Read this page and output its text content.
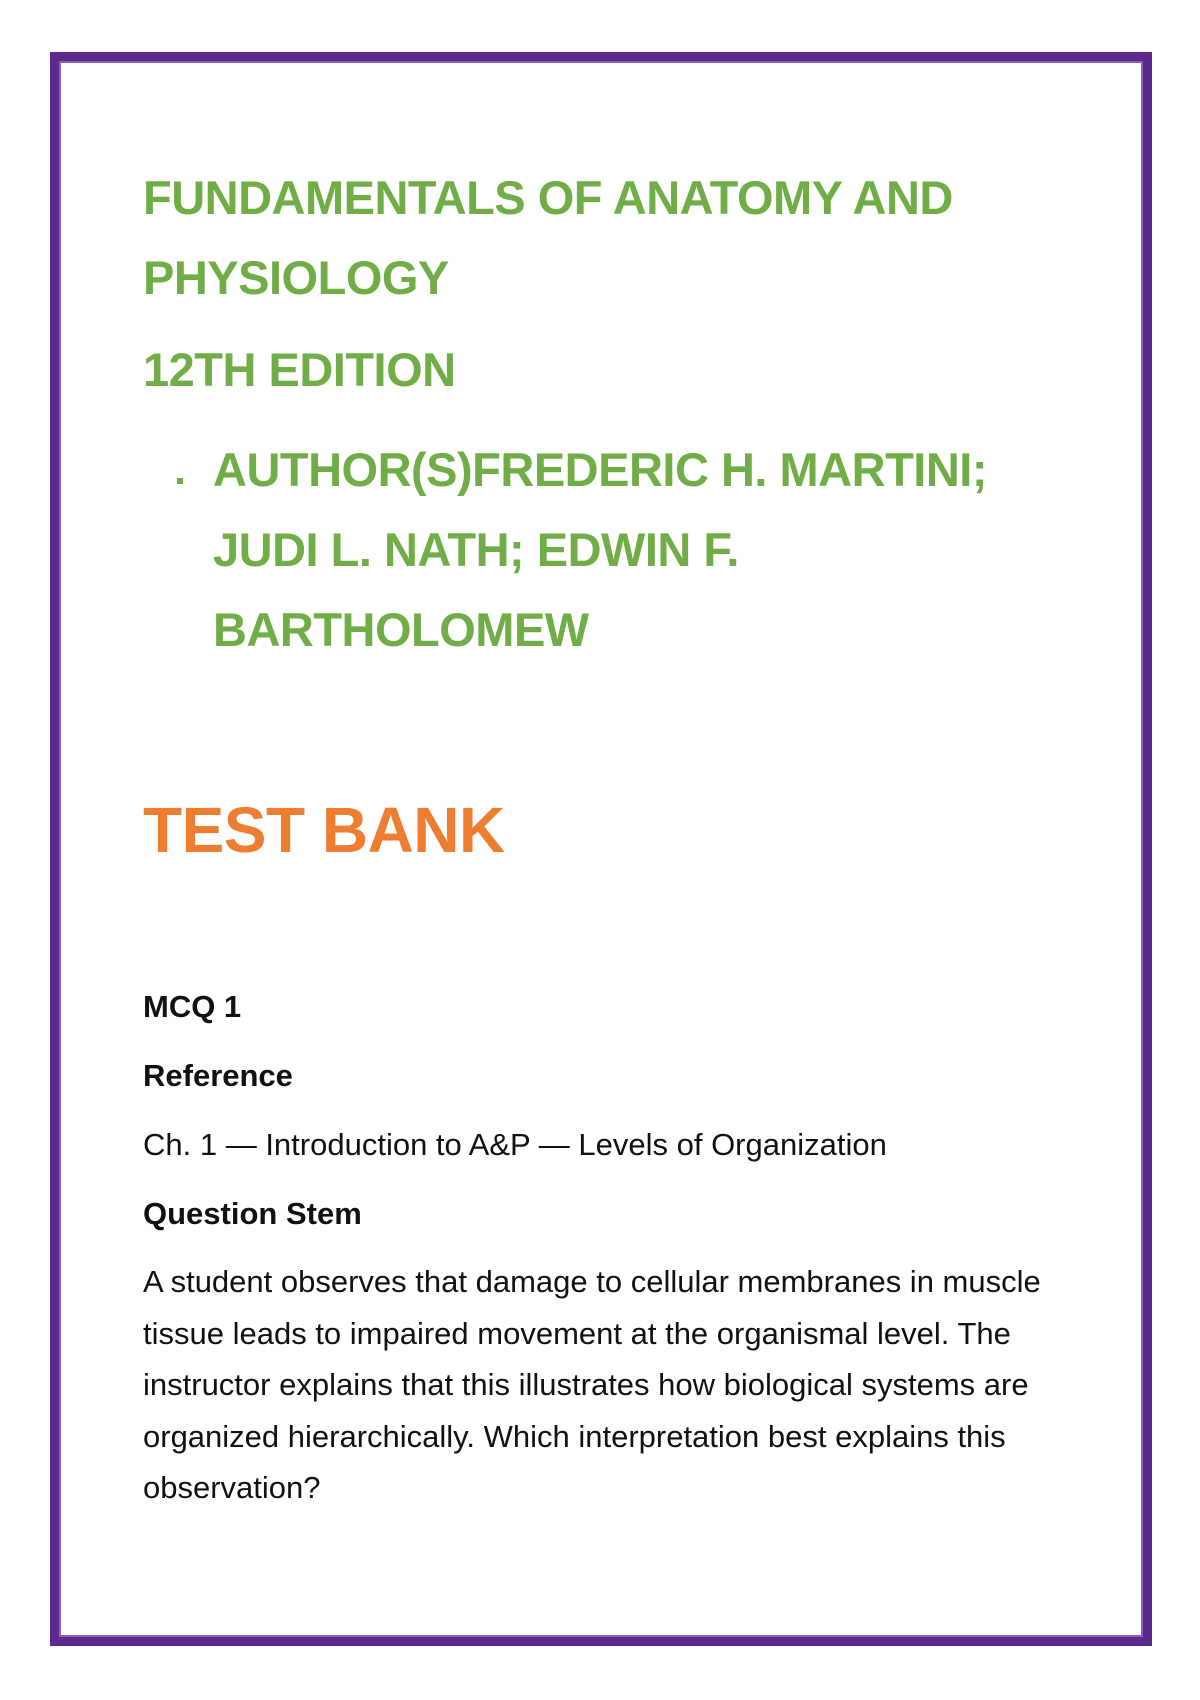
FUNDAMENTALS OF ANATOMY AND PHYSIOLOGY
12TH EDITION
AUTHOR(S)FREDERIC H. MARTINI; JUDI L. NATH; EDWIN F. BARTHOLOMEW
TEST BANK

MCQ 1

Reference

Ch. 1 — Introduction to A&P — Levels of Organization

Question Stem

A student observes that damage to cellular membranes in muscle tissue leads to impaired movement at the organismal level. The instructor explains that this illustrates how biological systems are organized hierarchically. Which interpretation best explains this observation?
